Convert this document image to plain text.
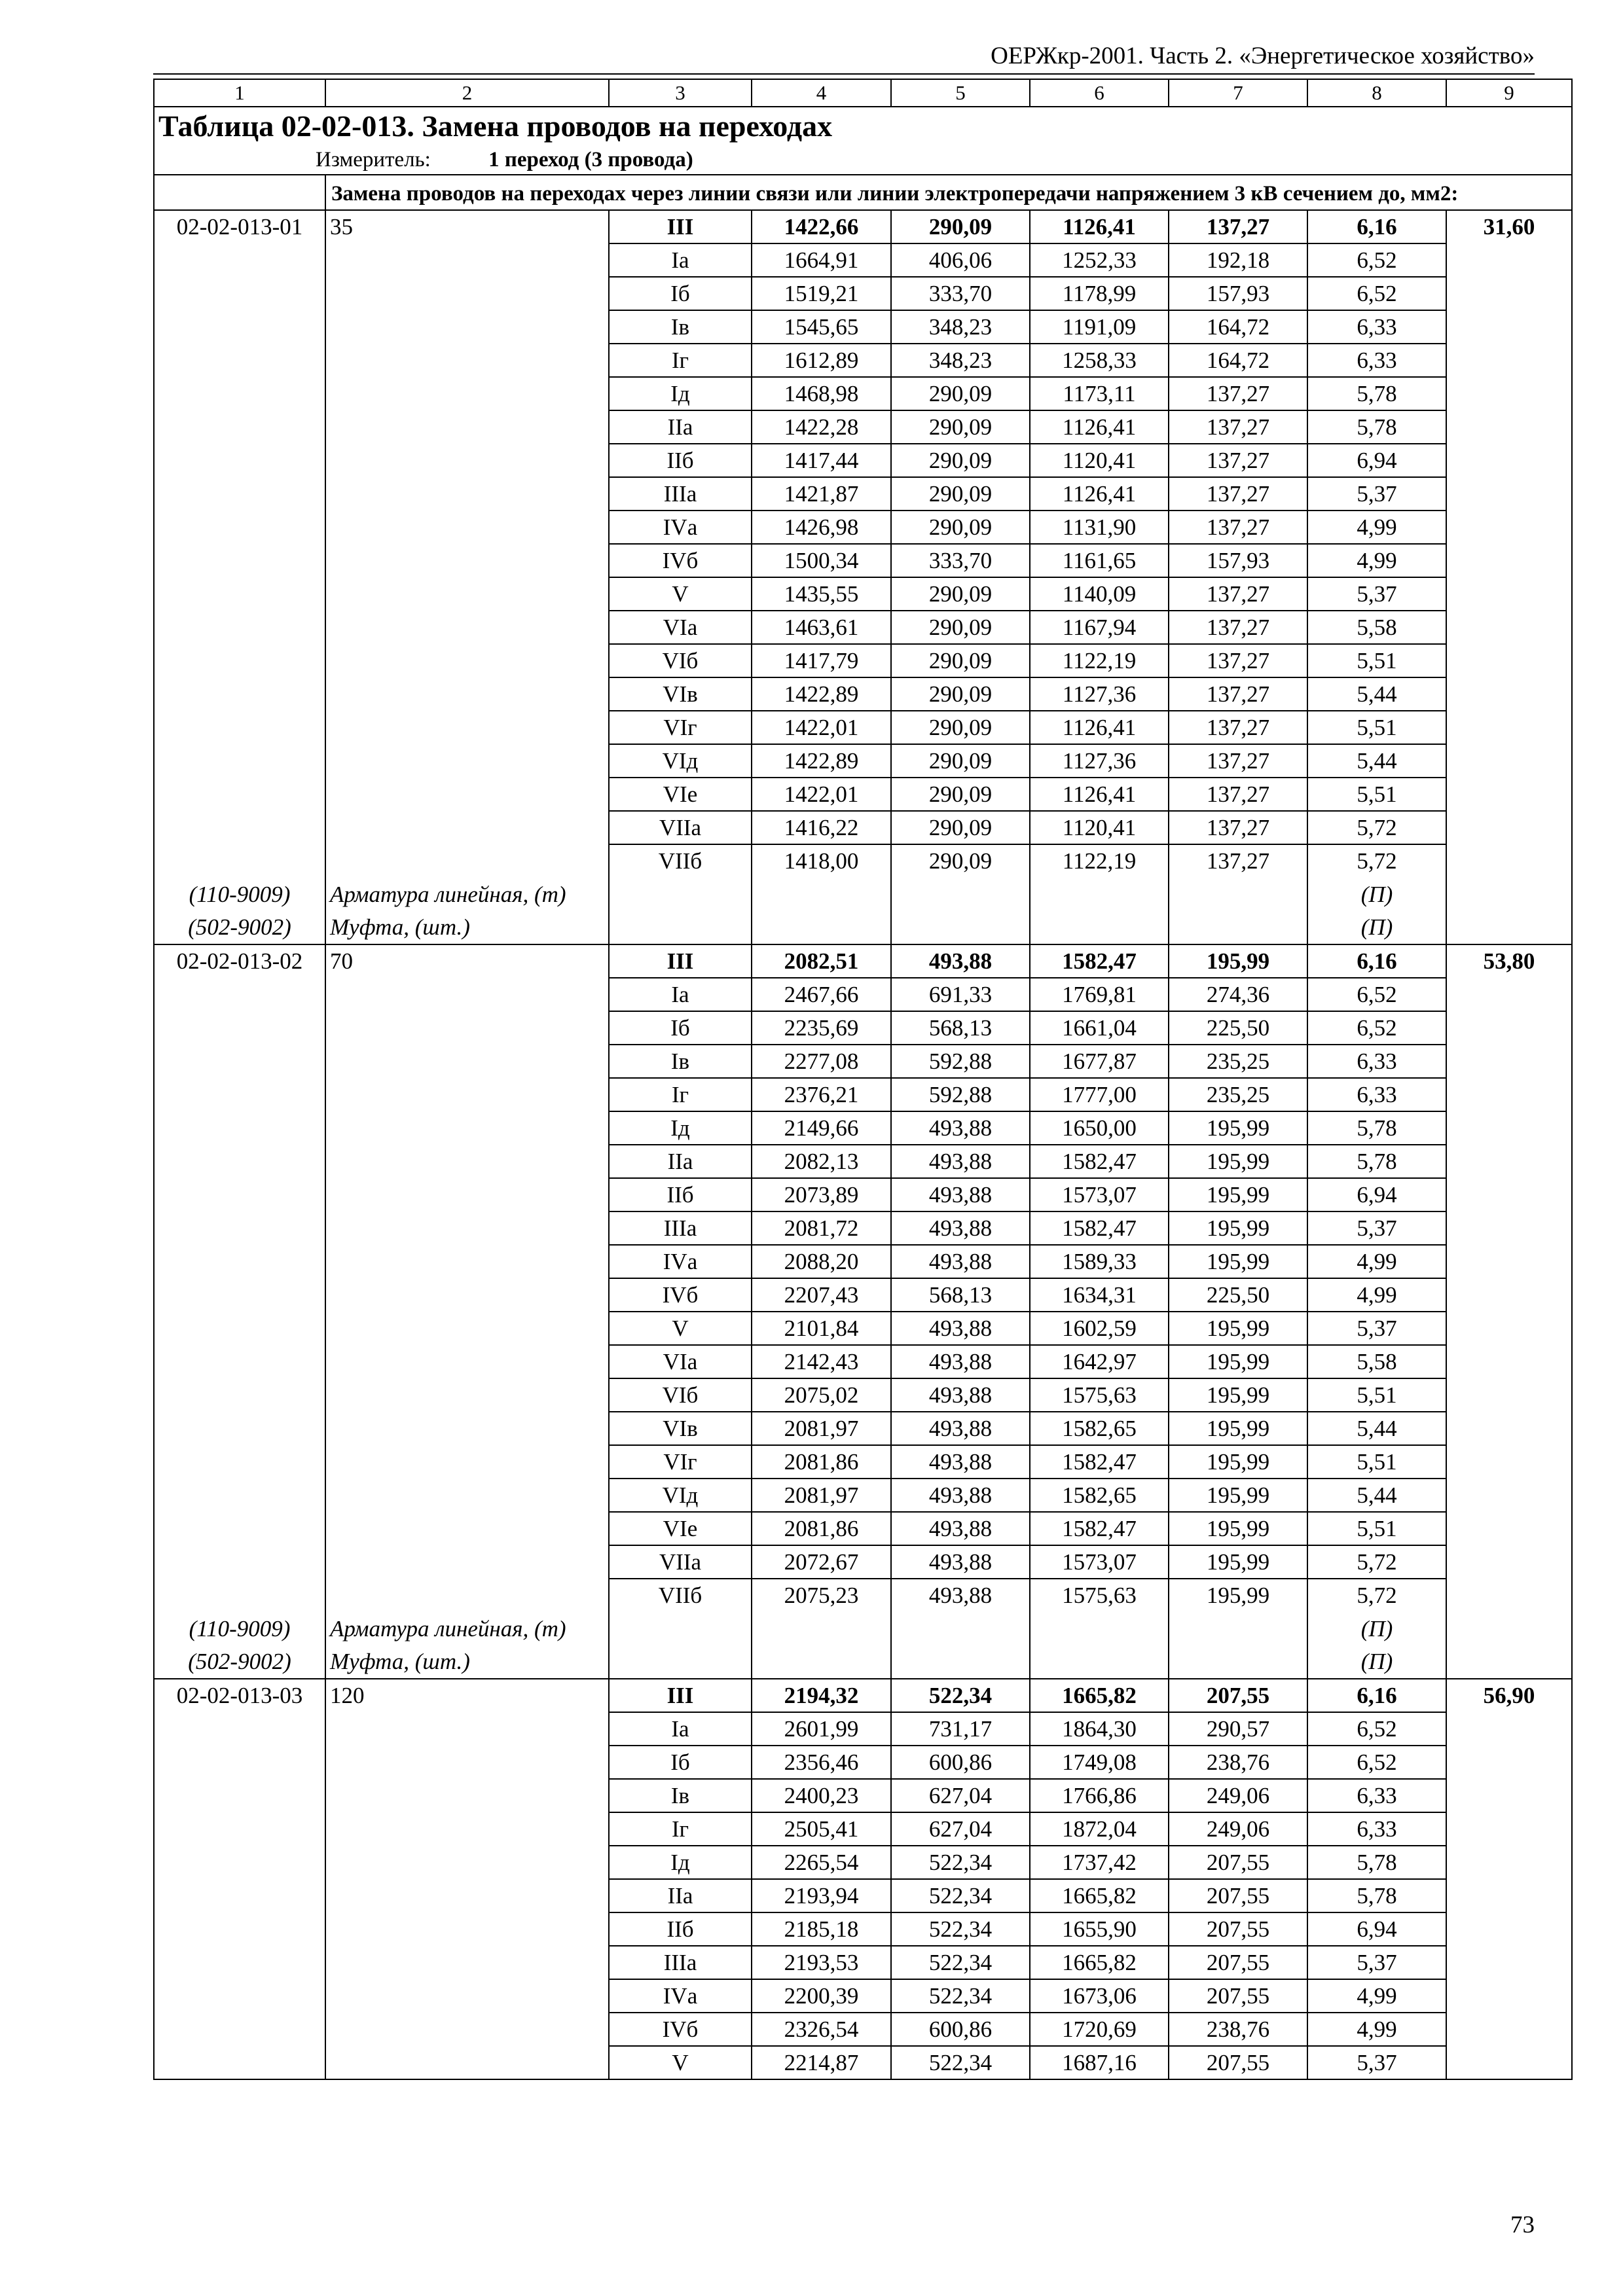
ОЕРЖкр-2001. Часть 2. «Энергетическое хозяйство»
1	2	3	4	5	6	7	8	9

Таблица 02-02-013. Замена проводов на переходах
Измеритель: 1 переход (3 провода)								

	Замена проводов на переходах через линии связи или линии электропередачи напряжением 3 кВ сечением до, мм2:							
02-02-013-01	35	III	1422,66	290,09	1126,41	137,27	6,16	31,60
		Iа	1664,91	406,06	1252,33	192,18	6,52	
		Iб	1519,21	333,70	1178,99	157,93	6,52	
		Iв	1545,65	348,23	1191,09	164,72	6,33	
		Iг	1612,89	348,23	1258,33	164,72	6,33	
		Iд	1468,98	290,09	1173,11	137,27	5,78	
		IIа	1422,28	290,09	1126,41	137,27	5,78	
		IIб	1417,44	290,09	1120,41	137,27	6,94	
		IIIа	1421,87	290,09	1126,41	137,27	5,37	
		IVа	1426,98	290,09	1131,90	137,27	4,99	
		IVб	1500,34	333,70	1161,65	157,93	4,99	
		V	1435,55	290,09	1140,09	137,27	5,37	
		VIа	1463,61	290,09	1167,94	137,27	5,58	
		VIб	1417,79	290,09	1122,19	137,27	5,51	
		VIв	1422,89	290,09	1127,36	137,27	5,44	
		VIг	1422,01	290,09	1126,41	137,27	5,51	
		VIд	1422,89	290,09	1127,36	137,27	5,44	
		VIе	1422,01	290,09	1126,41	137,27	5,51	
		VIIа	1416,22	290,09	1120,41	137,27	5,72	
		VIIб	1418,00	290,09	1122,19	137,27	5,72	
(110-9009)	Арматура линейная, (т)						(П)	
(502-9002)	Муфта, (шт.)						(П)	
02-02-013-02	70	III	2082,51	493,88	1582,47	195,99	6,16	53,80
		Iа	2467,66	691,33	1769,81	274,36	6,52	
		Iб	2235,69	568,13	1661,04	225,50	6,52	
		Iв	2277,08	592,88	1677,87	235,25	6,33	
		Iг	2376,21	592,88	1777,00	235,25	6,33	
		Iд	2149,66	493,88	1650,00	195,99	5,78	
		IIа	2082,13	493,88	1582,47	195,99	5,78	
		IIб	2073,89	493,88	1573,07	195,99	6,94	
		IIIа	2081,72	493,88	1582,47	195,99	5,37	
		IVа	2088,20	493,88	1589,33	195,99	4,99	
		IVб	2207,43	568,13	1634,31	225,50	4,99	
		V	2101,84	493,88	1602,59	195,99	5,37	
		VIа	2142,43	493,88	1642,97	195,99	5,58	
		VIб	2075,02	493,88	1575,63	195,99	5,51	
		VIв	2081,97	493,88	1582,65	195,99	5,44	
		VIг	2081,86	493,88	1582,47	195,99	5,51	
		VIд	2081,97	493,88	1582,65	195,99	5,44	
		VIе	2081,86	493,88	1582,47	195,99	5,51	
		VIIа	2072,67	493,88	1573,07	195,99	5,72	
		VIIб	2075,23	493,88	1575,63	195,99	5,72	
(110-9009)	Арматура линейная, (т)						(П)	
(502-9002)	Муфта, (шт.)						(П)	
02-02-013-03	120	III	2194,32	522,34	1665,82	207,55	6,16	56,90
		Iа	2601,99	731,17	1864,30	290,57	6,52	
		Iб	2356,46	600,86	1749,08	238,76	6,52	
		Iв	2400,23	627,04	1766,86	249,06	6,33	
		Iг	2505,41	627,04	1872,04	249,06	6,33	
		Iд	2265,54	522,34	1737,42	207,55	5,78	
		IIа	2193,94	522,34	1665,82	207,55	5,78	
		IIб	2185,18	522,34	1655,90	207,55	6,94	
		IIIа	2193,53	522,34	1665,82	207,55	5,37	
		IVа	2200,39	522,34	1673,06	207,55	4,99	
		IVб	2326,54	600,86	1720,69	238,76	4,99	
		V	2214,87	522,34	1687,16	207,55	5,37	
73
